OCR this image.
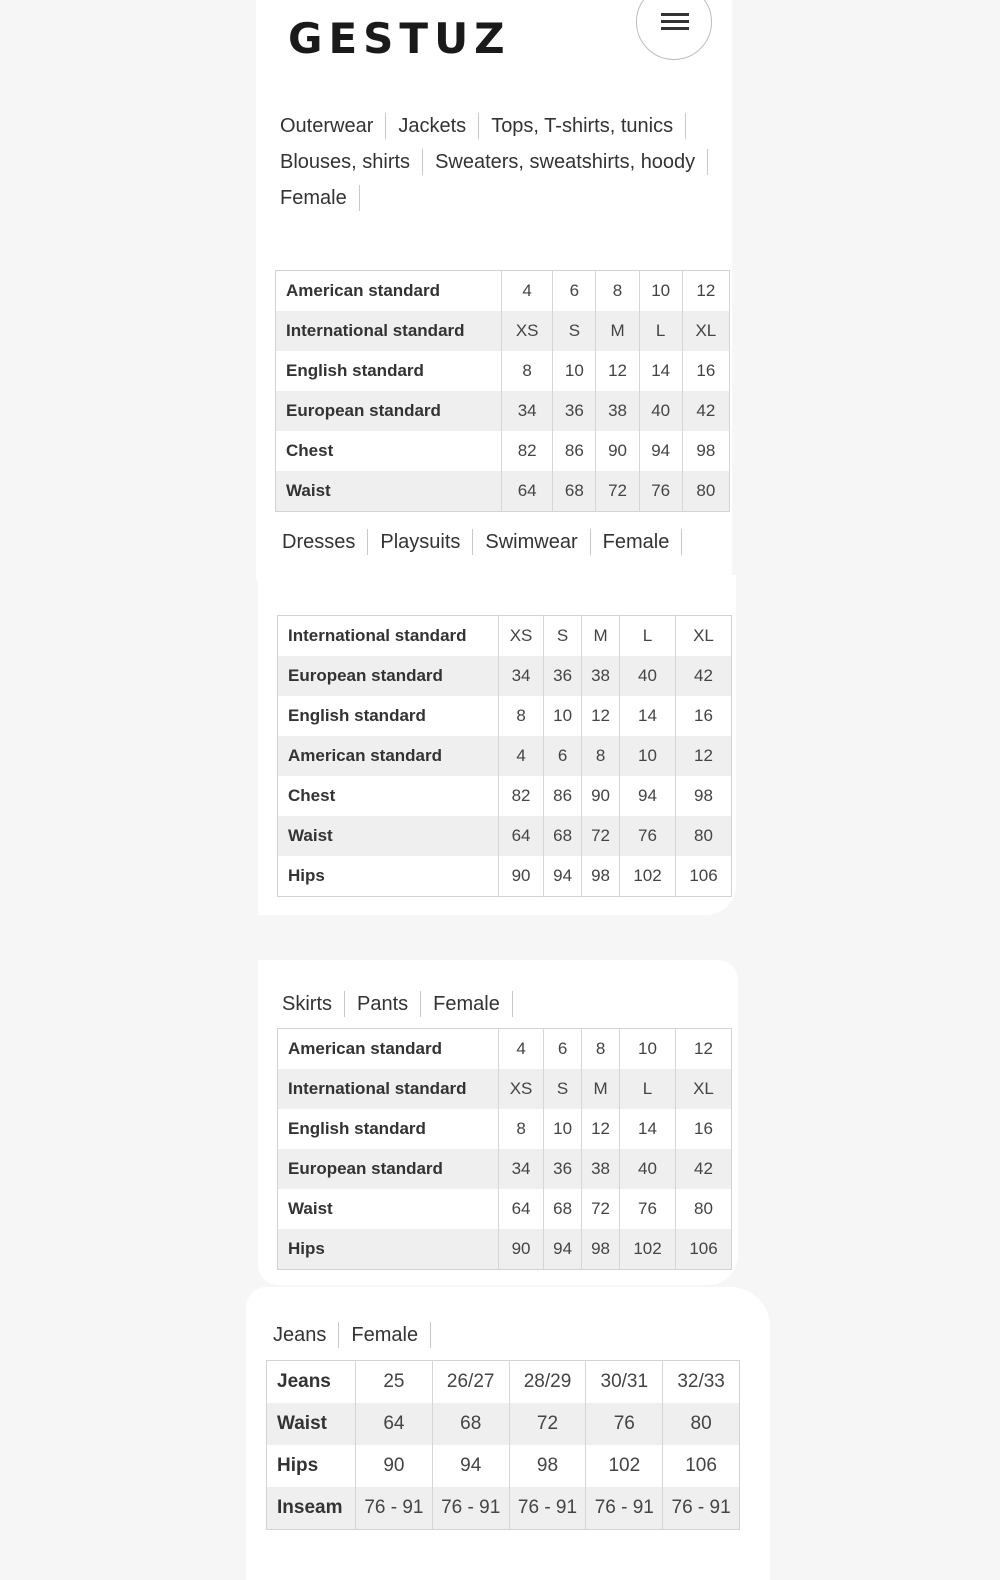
GESTUZ
Outerwear	Jackets	Tops, T-shirts, tunics
Blouses, shirts	Sweaters, sweatshirts, hoody
Female
American standard	4	6	8	10	12
International standard	XS	S	M	L	XL
English standard	8	10	12	14	16
European standard	34	36	38	40	42
Chest	82	86	90	94	98
Waist	64	68	72	76	80
Dresses	Playsuits	Swimwear	Female
International standard	XS	S	M	L	XL
European standard	34	36	38	40	42
English standard	8	10	12	14	16
American standard	4	6	8	10	12
Chest	82	86	90	94	98
Waist	64	68	72	76	80
Hips	90	94	98	102	106
Skirts	Pants	Female
American standard	4	6	8	10	12
International standard	XS	S	M	L	XL
English standard	8	10	12	14	16
European standard	34	36	38	40	42
Waist	64	68	72	76	80
Hips	90	94	98	102	106
Jeans	Female
Jeans	25	26/27	28/29	30/31	32/33
Waist	64	68	72	76	80
Hips	90	94	98	102	106
Inseam	76 - 91	76 - 91	76 - 91	76 - 91	76 - 91
